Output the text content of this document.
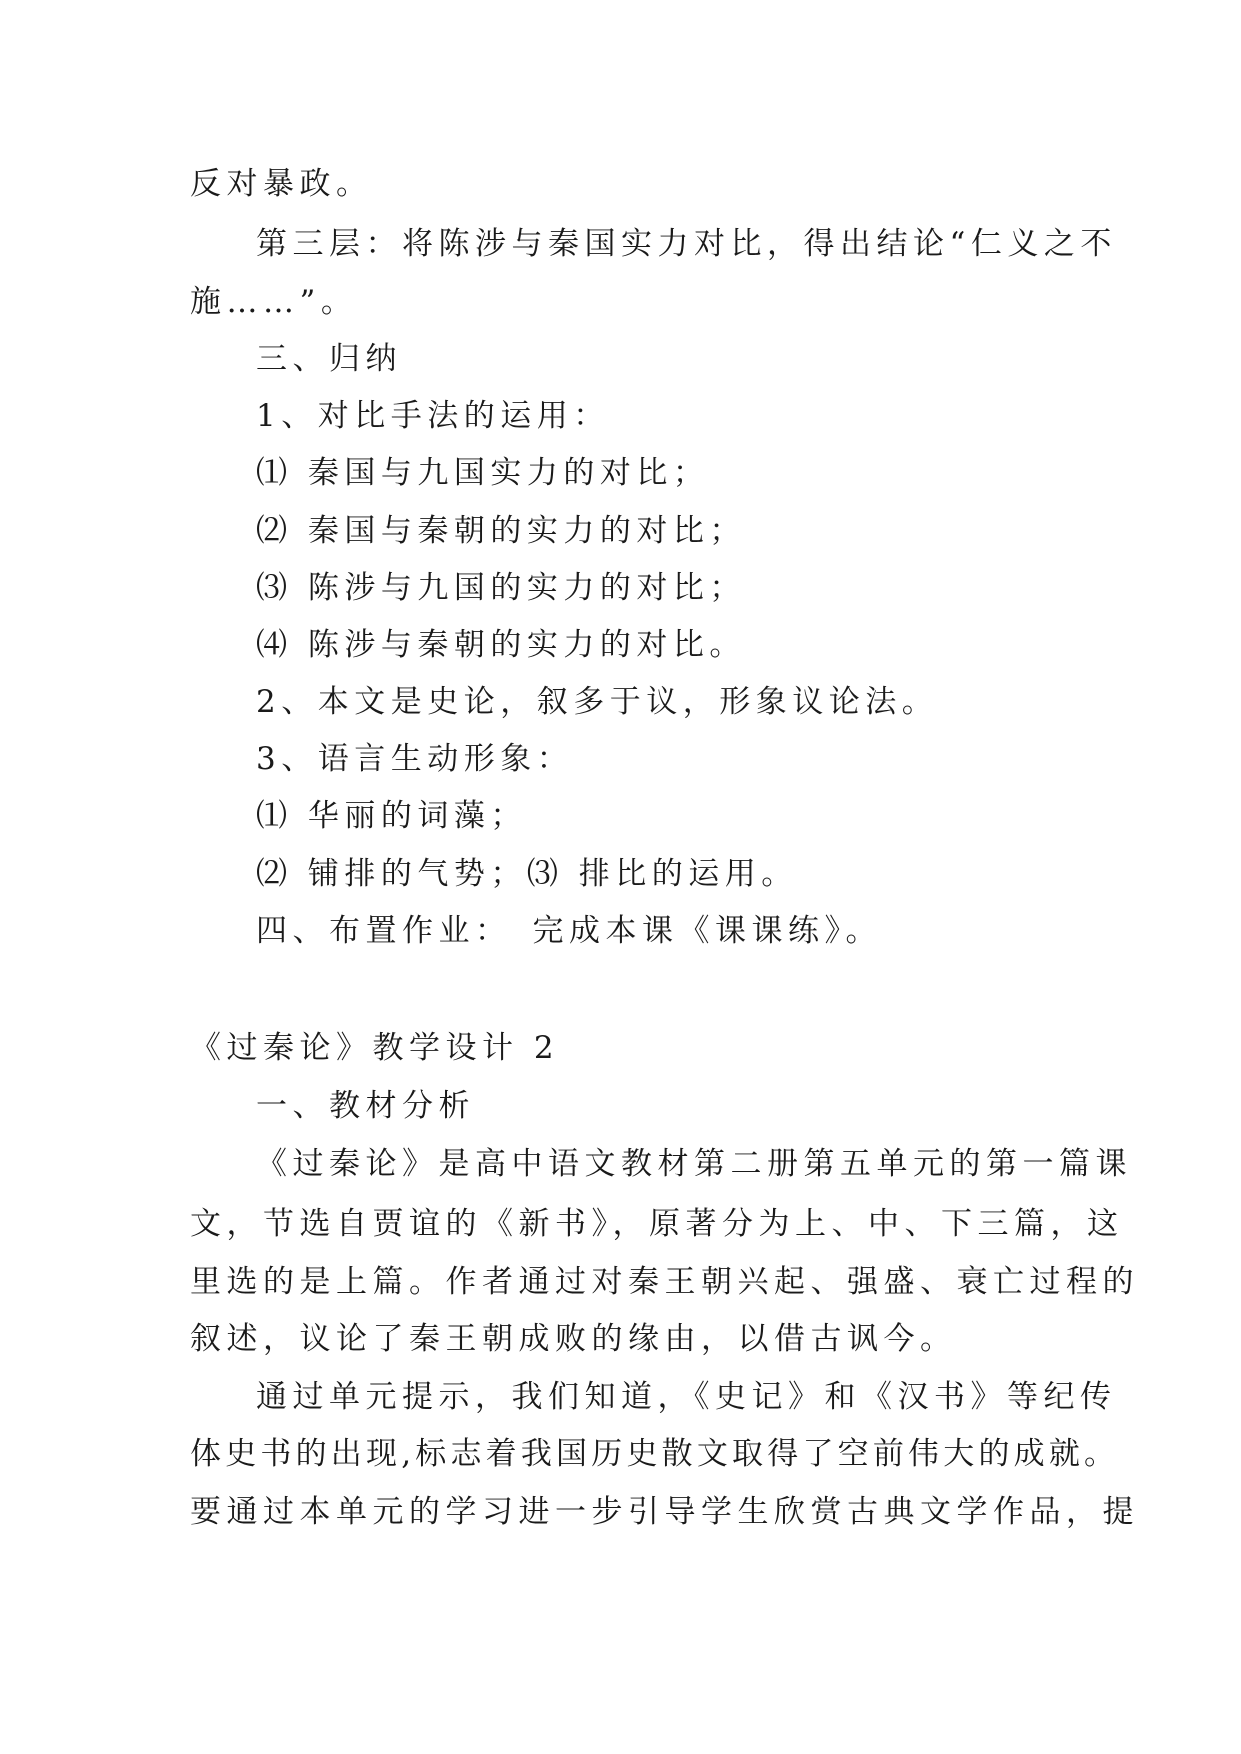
反对暴政。
第三层：将陈涉与秦国实力对比，得出结论“仁义之不
施……”。
三、归纳
1、对比手法的运用：
⑴ 秦国与九国实力的对比；
⑵ 秦国与秦朝的实力的对比；
⑶ 陈涉与九国的实力的对比；
⑷ 陈涉与秦朝的实力的对比。
2、本文是史论，叙多于议，形象议论法。
3、语言生动形象：
⑴ 华丽的词藻；
⑵ 铺排的气势；⑶ 排比的运用。
四、布置作业：　完成本课《课课练》。
《过秦论》教学设计 2
一、教材分析
《过秦论》是高中语文教材第二册第五单元的第一篇课
文，节选自贾谊的《新书》，原著分为上、中、下三篇，这
里选的是上篇。作者通过对秦王朝兴起、强盛、衰亡过程的
叙述，议论了秦王朝成败的缘由，以借古讽今。
通过单元提示，我们知道，《史记》和《汉书》等纪传
体史书的出现,标志着我国历史散文取得了空前伟大的成就。
要通过本单元的学习进一步引导学生欣赏古典文学作品，提
